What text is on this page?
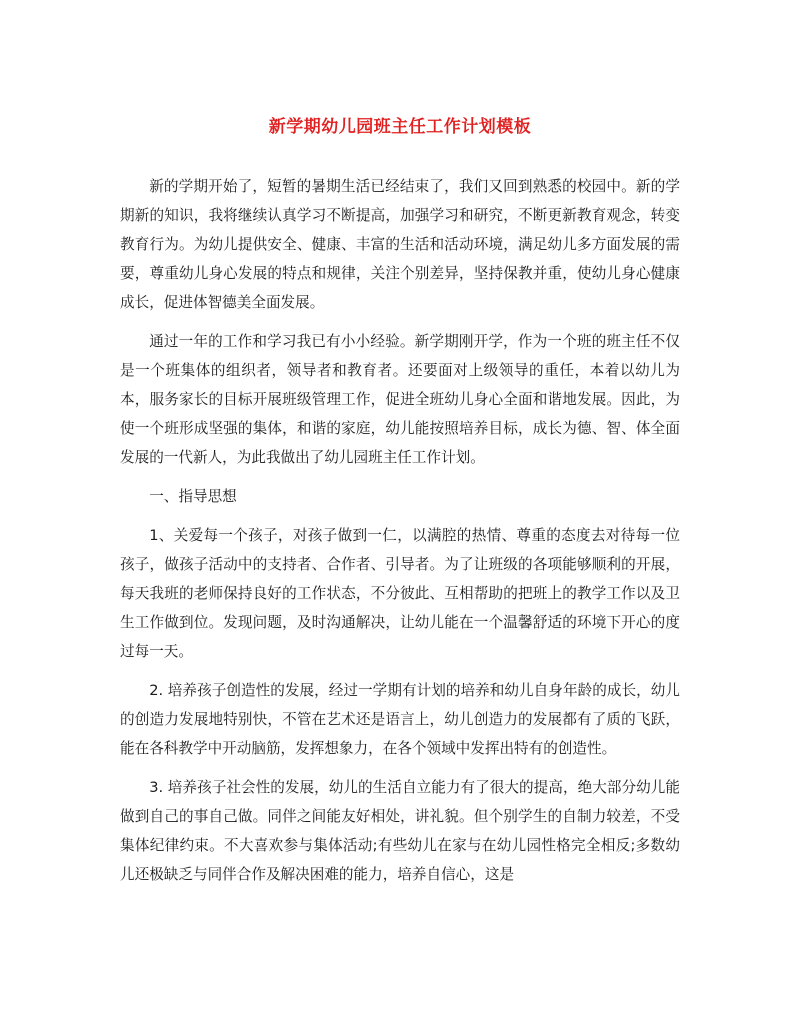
新学期幼儿园班主任工作计划模板

新的学期开始了，短暂的暑期生活已经结束了，我们又回到熟悉的校园中。新的学期新的知识，我将继续认真学习不断提高，加强学习和研究，不断更新教育观念，转变教育行为。为幼儿提供安全、健康、丰富的生活和活动环境，满足幼儿多方面发展的需要，尊重幼儿身心发展的特点和规律，关注个别差异，坚持保教并重，使幼儿身心健康成长，促进体智德美全面发展。

通过一年的工作和学习我已有小小经验。新学期刚开学，作为一个班的班主任不仅是一个班集体的组织者，领导者和教育者。还要面对上级领导的重任，本着以幼儿为本，服务家长的目标开展班级管理工作，促进全班幼儿身心全面和谐地发展。因此，为使一个班形成坚强的集体，和谐的家庭，幼儿能按照培养目标，成长为德、智、体全面发展的一代新人，为此我做出了幼儿园班主任工作计划。

一、指导思想

1、关爱每一个孩子，对孩子做到一仁，以满腔的热情、尊重的态度去对待每一位孩子，做孩子活动中的支持者、合作者、引导者。为了让班级的各项能够顺利的开展，每天我班的老师保持良好的工作状态，不分彼此、互相帮助的把班上的教学工作以及卫生工作做到位。发现问题，及时沟通解决，让幼儿能在一个温馨舒适的环境下开心的度过每一天。

2. 培养孩子创造性的发展，经过一学期有计划的培养和幼儿自身年龄的成长，幼儿的创造力发展地特别快，不管在艺术还是语言上，幼儿创造力的发展都有了质的飞跃，能在各科教学中开动脑筋，发挥想象力，在各个领域中发挥出特有的创造性。

3. 培养孩子社会性的发展，幼儿的生活自立能力有了很大的提高，绝大部分幼儿能做到自己的事自己做。同伴之间能友好相处，讲礼貌。但个别学生的自制力较差，不受集体纪律约束。不大喜欢参与集体活动;有些幼儿在家与在幼儿园性格完全相反;多数幼儿还极缺乏与同伴合作及解决困难的能力，培养自信心，这是
